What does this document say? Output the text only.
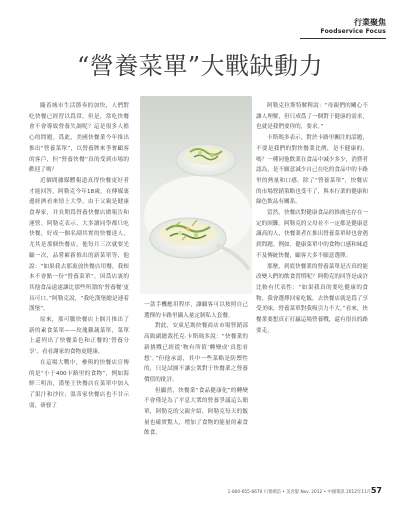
行業聚焦
Foodservice Focus
“營養菜單”大戰缺動力

隨着城市生活節奏的加快，人們對吃快餐已經習以爲常，但是，常吃快餐會不會導致營養失調呢？這是很多人擔心的問題。爲此，美國快餐業今年推出推出“營養菜單”，以營養牌來爭奪顧客的客戶，但“營養快餐”真的受到市場的歡迎了嗎？

近個間據媒體報道真得快餐更好者才能回答，阿勒克今年18歲，在傳媒裏邊經濟看來情上大學，由于父親是健康食專家，并長期爲營養快餐店做報告和運營。阿勒克表示，大多讀同學都只吃快餐，好成一個名副其實的快餐達人，尤其是那個快餐店，他每月三次就要光顧一次，品嘗嶄新推出的新菜單等，他說：“如果我去那裏放快餐店用餐，我根本不會點一份“營養菜單”，因爲店裏的其他食品遠遠讓比那些所謂的‘營養餐’更具可口。”阿勒克說，“我吃漢堡總是連着漢堡”。

原來，那可騰快餐店上個月推出了新的素食菜單——玫瑰雞蔬菜單，菜單上還列出了快餐菜色和正餐的‘營養分享’，看看謝家的食物更健康。

在這場大戰中，參與的快餐店宣傳的是“小于400卡路里的食物”，例如海鮮三明治，漢堡王快餐店在菜單中加入了果汁和沙拉；溫蒂家快餐店也不甘示弱，研發了

一款手機應用程序，讓顧客可以按照自己選擇的卡路里攝入量定制私人套餐。

對此，安東尼瑪快餐商店市場營銷部高級副總裁托克·卡斯瑪多說：“快餐業的新挑戰已經從‘物有所值’轉變成‘真您看想’。”但他承認，其中一些菜略是防禦性的，只是試圖不讓公衆對于快餐業之營養價值的批評。

但顯然，快餐業“食品健康化”的轉變不會僅是為了平息大衆的營養爭議這么簡單，阿勒克的父親介紹，阿勒克每天的飯量也確實驚人，增加了食物的能量的素食飲食。

阿勒克拉斯特解釋說：“母親們的關心不讓人理解，但只成爲了一個對于健康的需求，也就是我們要你的，要求。”

卡斯瑪多表示，對於卡路里關注的話題，不要是我們的對快餐業比例，是不健康的，嗎？一種同他飲業在食品中減少多少，消費者認為，是不願意減少自己在吃的食品中的卡路里的熱量和口感。除了“營養菜單”，快餐店的市場營銷策略也受不了，與本行業的健康和綠色飲品有關系。

當然，快餐店對健康食品的推廣也存在一定的困難。阿勒克的父母並不一定都是健康意識高的人，快餐業者在推出營養菜單時也會遇到問題。例如，健康菜單中的食物口感和味道不及傳統快餐，顧客大多不願意選擇。

那麼，到底快餐業的營養菜單是否真的能改變人們的飲食習慣呢？阿勒克的回答是或許比較有代表性：“如果我真的要吃健康的食物，我會選擇回家吃飯，去快餐店就是爲了享受美味，營養菜單對我吸引力不大。”看來，快餐業要想真正打贏這場營養戰，還有很長的路要走。

1-800-655-6670 川菜網訪 • 美食版 Nov. 2012 • 中國菜訊 2012年11月 57
